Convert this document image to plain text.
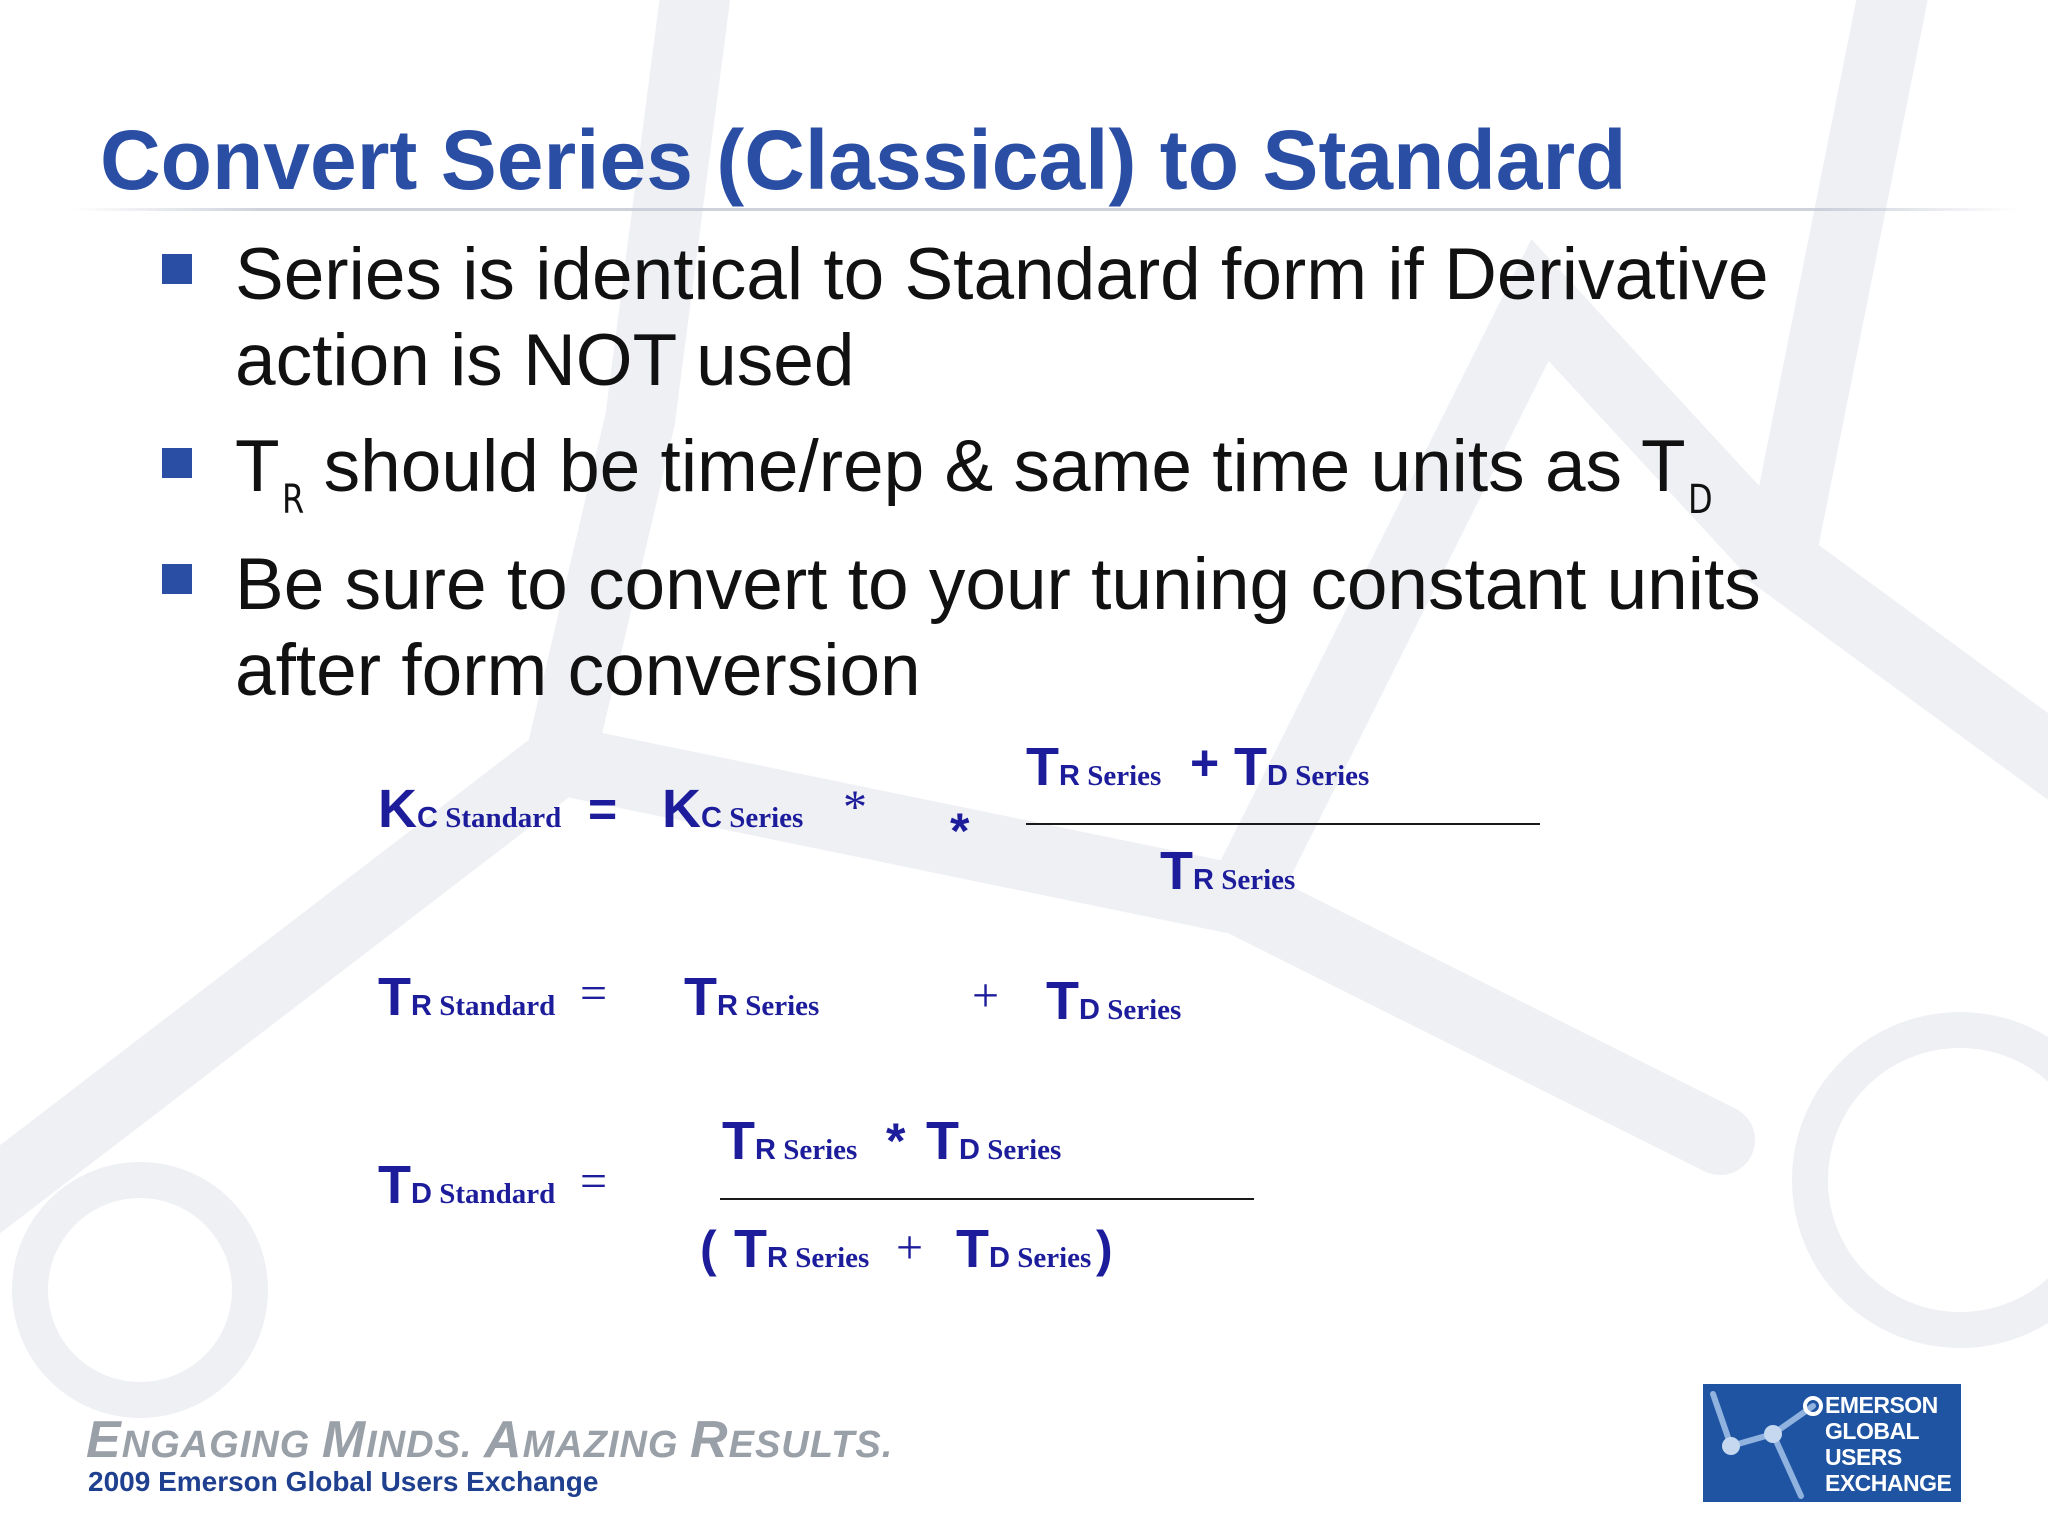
Convert Series (Classical) to Standard
Series is identical to Standard form if Derivative
action is NOT used
TR should be time/rep & same time units as TD
Be sure to convert to your tuning constant units
after form conversion
KC Standard = KC Series * *
TR Series + TD Series
TR Series
TR Standard = TR Series	+ TD Series
TD Standard =
TR Series * TD Series
( TR Series + TD Series )
ENGAGING MINDS. AMAZING RESULTS.
2009 Emerson Global Users Exchange
EMERSON
GLOBAL
USERS
EXCHANGE
